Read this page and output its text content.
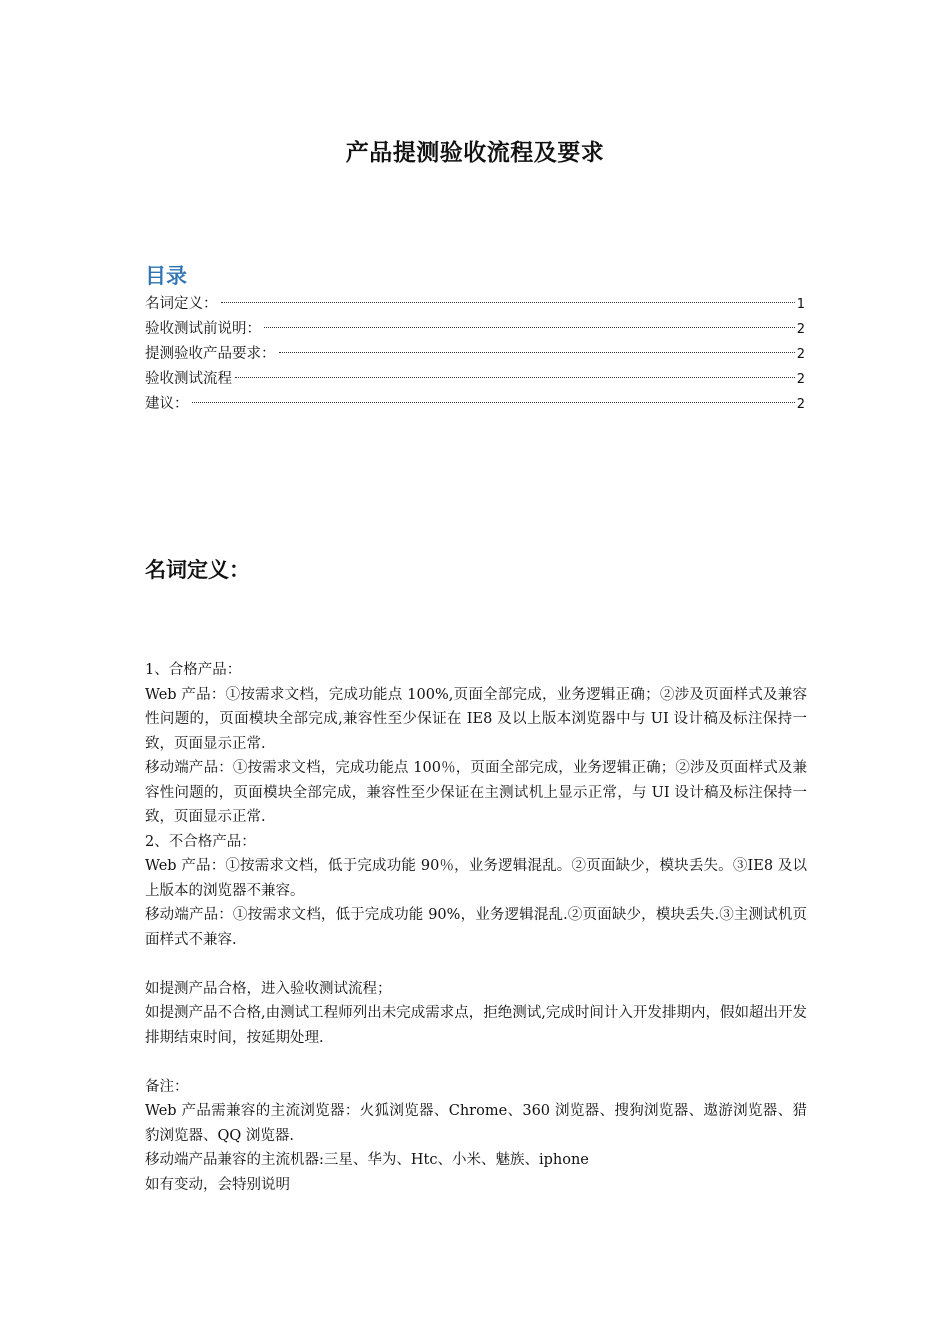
产品提测验收流程及要求
目录
名词定义：	1
验收测试前说明：	2
提测验收产品要求：	2
验收测试流程	2
建议：	2
名词定义：

1、合格产品：

Web 产品：①按需求文档，完成功能点 100%,页面全部完成，业务逻辑正确；②涉及页面样式及兼容性问题的，页面模块全部完成,兼容性至少保证在 IE8 及以上版本浏览器中与 UI 设计稿及标注保持一致，页面显示正常.

移动端产品：①按需求文档，完成功能点 100％，页面全部完成，业务逻辑正确；②涉及页面样式及兼容性问题的，页面模块全部完成，兼容性至少保证在主测试机上显示正常，与 UI 设计稿及标注保持一致，页面显示正常.

2、不合格产品：

Web 产品：①按需求文档，低于完成功能 90％，业务逻辑混乱。②页面缺少，模块丢失。③IE8 及以上版本的浏览器不兼容。

移动端产品：①按需求文档，低于完成功能 90%，业务逻辑混乱.②页面缺少，模块丢失.③主测试机页面样式不兼容.

如提测产品合格，进入验收测试流程；

如提测产品不合格,由测试工程师列出未完成需求点，拒绝测试,完成时间计入开发排期内，假如超出开发排期结束时间，按延期处理.

备注：

Web 产品需兼容的主流浏览器：火狐浏览器、Chrome、360 浏览器、搜狗浏览器、遨游浏览器、猎豹浏览器、QQ 浏览器.

移动端产品兼容的主流机器:三星、华为、Htc、小米、魅族、iphone

如有变动，会特别说明
